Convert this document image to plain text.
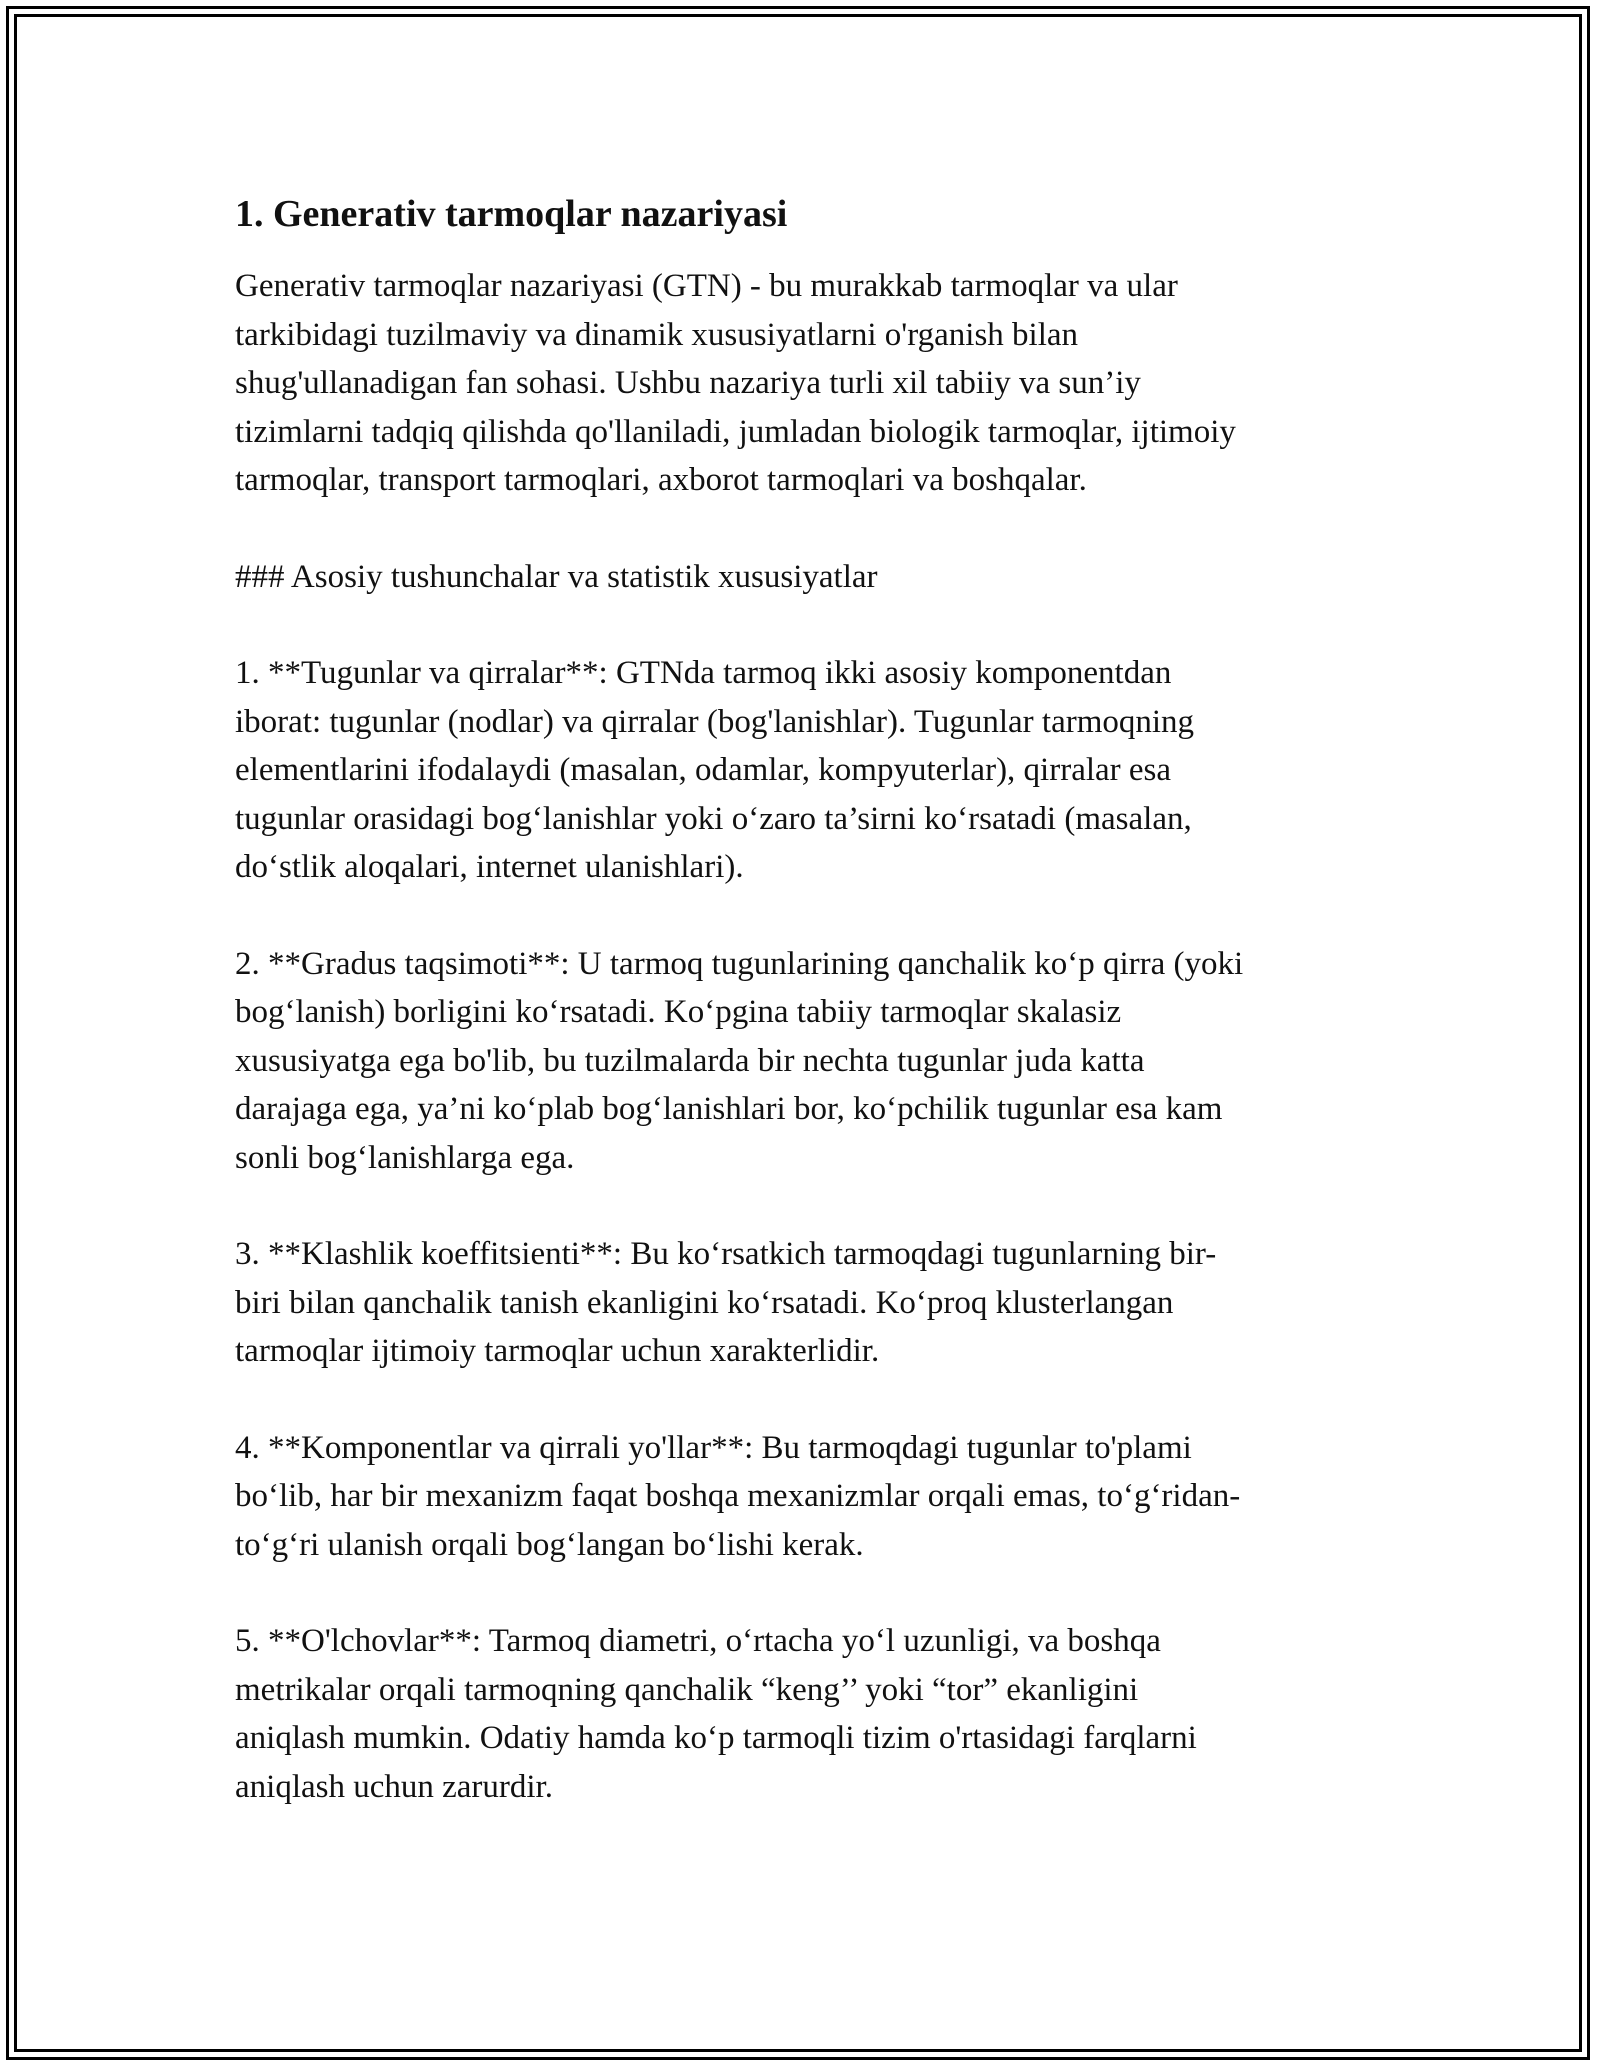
1. Generativ tarmoqlar nazariyasi

Generativ tarmoqlar nazariyasi (GTN) - bu murakkab tarmoqlar va ular
tarkibidagi tuzilmaviy va dinamik xususiyatlarni o'rganish bilan
shug'ullanadigan fan sohasi. Ushbu nazariya turli xil tabiiy va sun’iy
tizimlarni tadqiq qilishda qo'llaniladi, jumladan biologik tarmoqlar, ijtimoiy
tarmoqlar, transport tarmoqlari, axborot tarmoqlari va boshqalar.

### Asosiy tushunchalar va statistik xususiyatlar

1. **Tugunlar va qirralar**: GTNda tarmoq ikki asosiy komponentdan
iborat: tugunlar (nodlar) va qirralar (bog'lanishlar). Tugunlar tarmoqning
elementlarini ifodalaydi (masalan, odamlar, kompyuterlar), qirralar esa
tugunlar orasidagi bog‘lanishlar yoki o‘zaro ta’sirni ko‘rsatadi (masalan,
do‘stlik aloqalari, internet ulanishlari).

2. **Gradus taqsimoti**: U tarmoq tugunlarining qanchalik ko‘p qirra (yoki
bog‘lanish) borligini ko‘rsatadi. Ko‘pgina tabiiy tarmoqlar skalasiz
xususiyatga ega bo'lib, bu tuzilmalarda bir nechta tugunlar juda katta
darajaga ega, ya’ni ko‘plab bog‘lanishlari bor, ko‘pchilik tugunlar esa kam
sonli bog‘lanishlarga ega.

3. **Klashlik koeffitsienti**: Bu ko‘rsatkich tarmoqdagi tugunlarning bir-
biri bilan qanchalik tanish ekanligini ko‘rsatadi. Ko‘proq klusterlangan
tarmoqlar ijtimoiy tarmoqlar uchun xarakterlidir.

4. **Komponentlar va qirrali yo'llar**: Bu tarmoqdagi tugunlar to'plami
bo‘lib, har bir mexanizm faqat boshqa mexanizmlar orqali emas, to‘g‘ridan-
to‘g‘ri ulanish orqali bog‘langan bo‘lishi kerak.

5. **O'lchovlar**: Tarmoq diametri, o‘rtacha yo‘l uzunligi, va boshqa
metrikalar orqali tarmoqning qanchalik “keng’’ yoki “tor” ekanligini
aniqlash mumkin. Odatiy hamda ko‘p tarmoqli tizim o'rtasidagi farqlarni
aniqlash uchun zarurdir.
